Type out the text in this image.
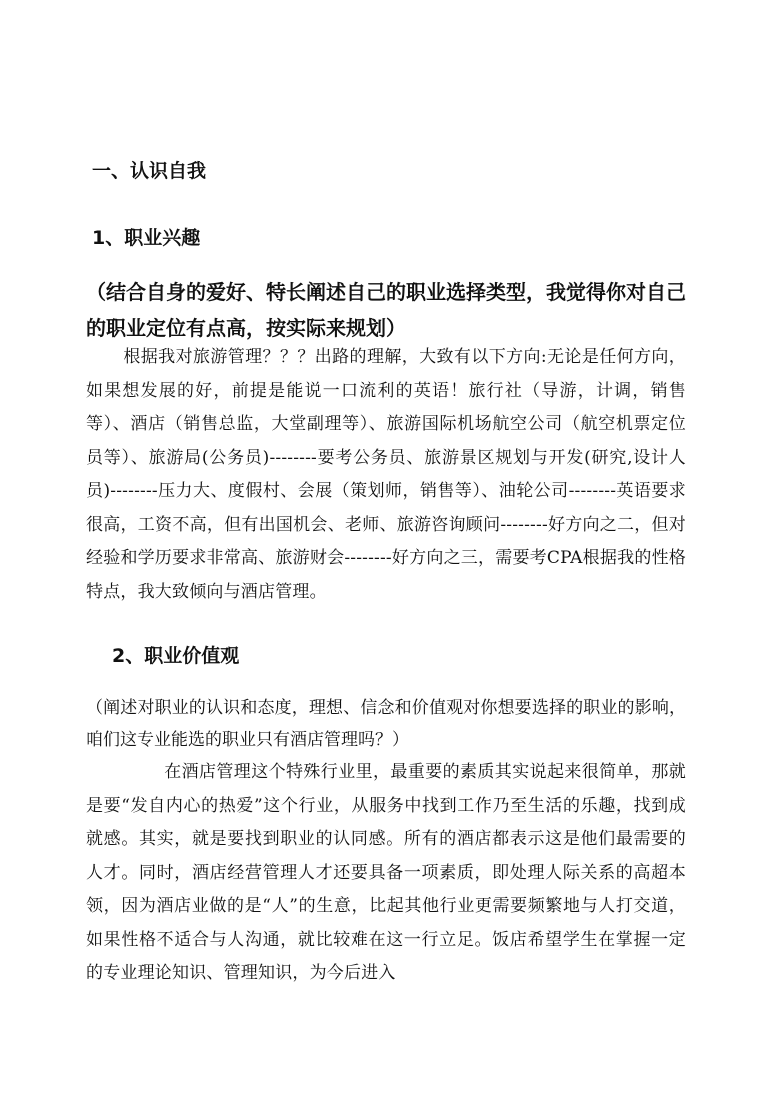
一、认识自我
1、职业兴趣

（结合自身的爱好、特长阐述自己的职业选择类型，我觉得你对自己的职业定位有点高，按实际来规划）

根据我对旅游管理？？？出路的理解，大致有以下方向:无论是任何方向，如果想发展的好，前提是能说一口流利的英语！旅行社（导游，计调，销售等）、酒店（销售总监，大堂副理等）、旅游国际机场航空公司（航空机票定位员等）、旅游局(公务员)--------要考公务员、旅游景区规划与开发(研究,设计人员)--------压力大、度假村、会展（策划师，销售等）、油轮公司--------英语要求很高，工资不高，但有出国机会、老师、旅游咨询顾问--------好方向之二，但对经验和学历要求非常高、旅游财会--------好方向之三，需要考CPA根据我的性格特点，我大致倾向与酒店管理。

2、职业价值观

（阐述对职业的认识和态度，理想、信念和价值观对你想要选择的职业的影响，咱们这专业能选的职业只有酒店管理吗？）

在酒店管理这个特殊行业里，最重要的素质其实说起来很简单，那就是要“发自内心的热爱”这个行业，从服务中找到工作乃至生活的乐趣，找到成就感。其实，就是要找到职业的认同感。所有的酒店都表示这是他们最需要的人才。同时，酒店经营管理人才还要具备一项素质，即处理人际关系的高超本领，因为酒店业做的是“人”的生意，比起其他行业更需要频繁地与人打交道，如果性格不适合与人沟通，就比较难在这一行立足。饭店希望学生在掌握一定的专业理论知识、管理知识，为今后进入
